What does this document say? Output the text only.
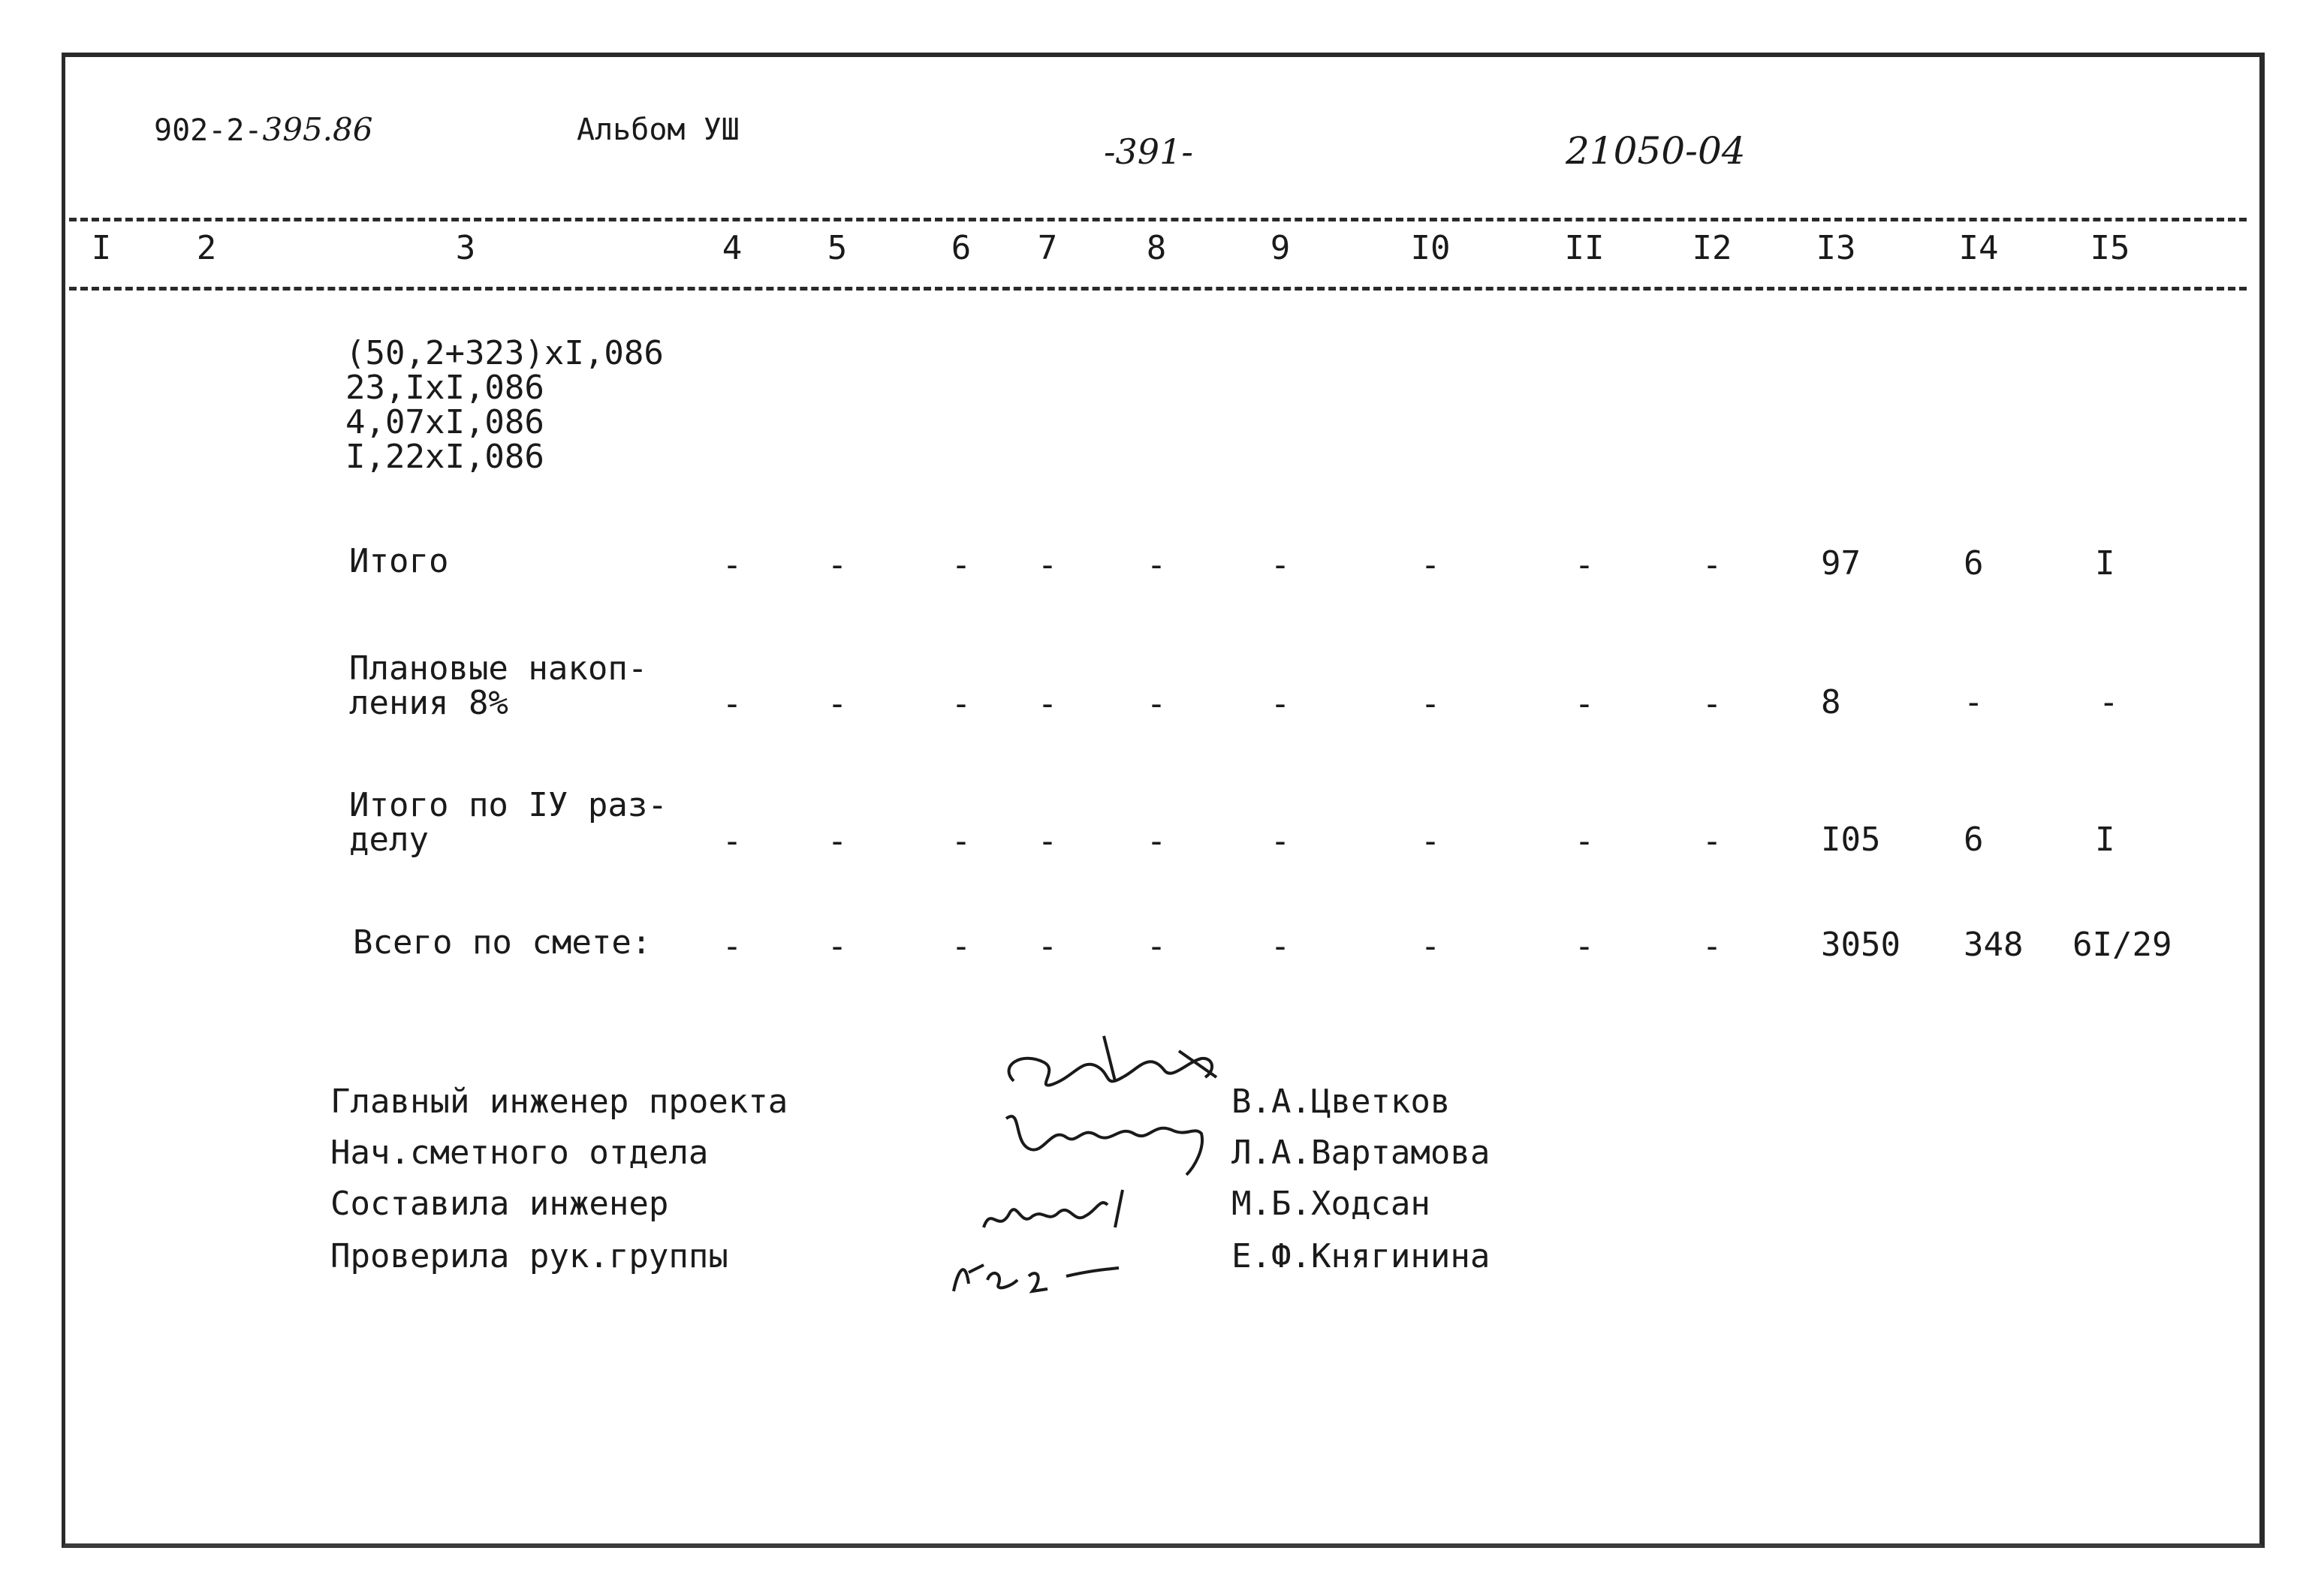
902-2-395.86	Альбом УШ
-391-	21050-04
I	2	3	4	5	6	7	8	9	I0	II	I2	I3	I4	I5
(50,2+323)xI,086
23,IxI,086
4,07xI,086
I,22xI,086
Итого	-	-	-	-	-	-	-	-	-	97	6	I
Плановые накоп-
ления 8%	-	-	-	-	-	-	-	-	-	8	-	-
Итого по IУ раз-
делу	-	-	-	-	-	-	-	-	-	I05	6	I
Всего по смете:	-	-	-	-	-	-	-	-	-	3050 348 6I/29
Главный инженер проекта
Нач.сметного отдела
Составила инженер
Проверила рук.группы
В.А.Цветков
Л.А.Вартамова
М.Б.Ходсан
Е.Ф.Княгинина
